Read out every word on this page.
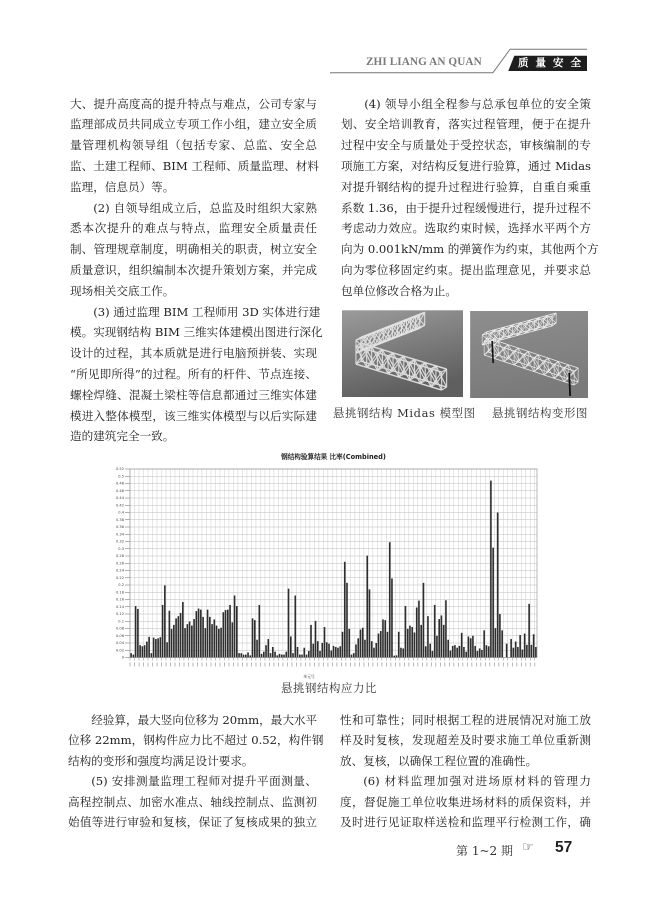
ZHI LIANG AN QUAN	质量安全
大、提升高度高的提升特点与难点，公司专家与
监理部成员共同成立专项工作小组，建立安全质
量管理机构领导组（包括专家、总监、安全总
监、土建工程师、BIM 工程师、质量监理、材料
监理，信息员）等。
(2) 自领导组成立后，总监及时组织大家熟
悉本次提升的难点与特点，监理安全质量责任
制、管理规章制度，明确相关的职责，树立安全
质量意识，组织编制本次提升策划方案，并完成
现场相关交底工作。
(3) 通过监理 BIM 工程师用 3D 实体进行建
模。实现钢结构 BIM 三维实体建模出图进行深化
设计的过程，其本质就是进行电脑预拼装、实现
“所见即所得”的过程。所有的杆件、节点连接、
螺栓焊缝、混凝土梁柱等信息都通过三维实体建
模进入整体模型，该三维实体模型与以后实际建
造的建筑完全一致。
(4) 领导小组全程参与总承包单位的安全策
划、安全培训教育，落实过程管理，便于在提升
过程中安全与质量处于受控状态，审核编制的专
项施工方案，对结构反复进行验算，通过 Midas
对提升钢结构的提升过程进行验算，自重自乘重
系数 1.36，由于提升过程缓慢进行，提升过程不
考虑动力效应。选取约束时候，选择水平两个方
向为 0.001kN/mm 的弹簧作为约束，其他两个方
向为零位移固定约束。提出监理意见，并要求总
包单位修改合格为止。
悬挑钢结构 Midas 模型图	悬挑钢结构变形图
钢结构验算结果 比率(Combined)
0
0.02
0.04
0.06
0.08
0.1
0.12
0.14
0.16
0.18
0.2
0.22
0.24
0.26
0.28
0.3
0.32
0.34
0.36
0.38
0.4
0.42
0.44
0.46
0.48
0.5
0.52
单元号
悬挑钢结构应力比
经验算，最大竖向位移为 20mm，最大水平
位移 22mm，钢构件应力比不超过 0.52，构件钢
结构的变形和强度均满足设计要求。
(5) 安排测量监理工程师对提升平面测量、
高程控制点、加密水准点、轴线控制点、监测初
始值等进行审验和复核，保证了复核成果的独立
性和可靠性；同时根据工程的进展情况对施工放
样及时复核，发现超差及时要求施工单位重新测
放、复核，以确保工程位置的准确性。
(6) 材料监理加强对进场原材料的管理力
度，督促施工单位收集进场材料的质保资料，并
及时进行见证取样送检和监理平行检测工作，确
第 1~2 期 ☞ 57
